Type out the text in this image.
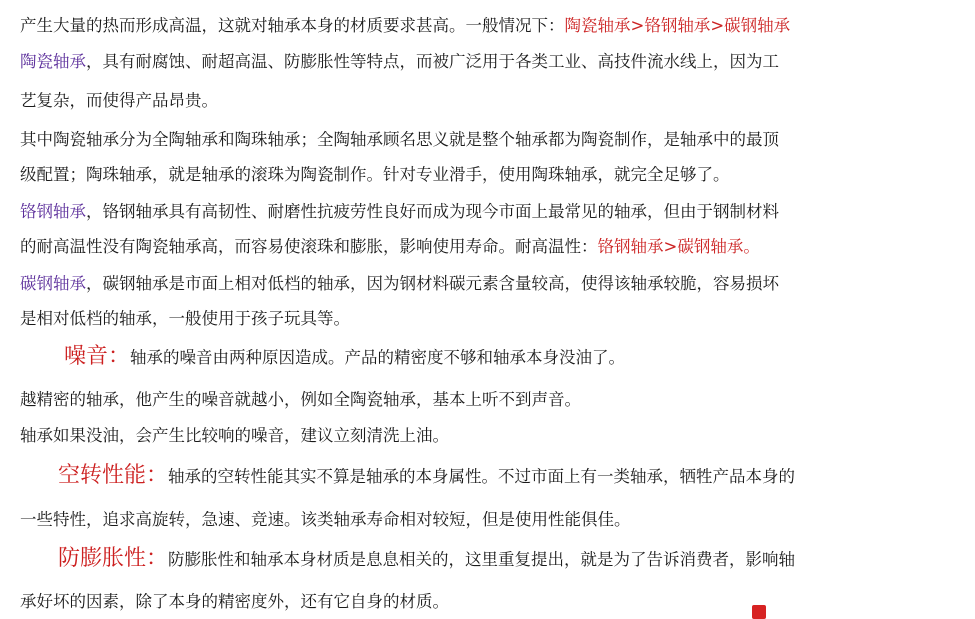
产生大量的热而形成高温，这就对轴承本身的材质要求甚高。一般情况下：陶瓷轴承>铬钢轴承>碳钢轴承
陶瓷轴承，具有耐腐蚀、耐超高温、防膨胀性等特点，而被广泛用于各类工业、高技件流水线上，因为工
艺复杂，而使得产品昂贵。
其中陶瓷轴承分为全陶轴承和陶珠轴承；全陶轴承顾名思义就是整个轴承都为陶瓷制作，是轴承中的最顶
级配置；陶珠轴承，就是轴承的滚珠为陶瓷制作。针对专业滑手，使用陶珠轴承，就完全足够了。
铬钢轴承，铬钢轴承具有高韧性、耐磨性抗疲劳性良好而成为现今市面上最常见的轴承，但由于钢制材料
的耐高温性没有陶瓷轴承高，而容易使滚珠和膨胀，影响使用寿命。耐高温性：铬钢轴承>碳钢轴承。
碳钢轴承，碳钢轴承是市面上相对低档的轴承，因为钢材料碳元素含量较高，使得该轴承较脆，容易损坏
是相对低档的轴承，一般使用于孩子玩具等。
噪音：轴承的噪音由两种原因造成。产品的精密度不够和轴承本身没油了。
越精密的轴承，他产生的噪音就越小，例如全陶瓷轴承，基本上听不到声音。
轴承如果没油，会产生比较响的噪音，建议立刻清洗上油。
空转性能：轴承的空转性能其实不算是轴承的本身属性。不过市面上有一类轴承，牺牲产品本身的
一些特性，追求高旋转，急速、竞速。该类轴承寿命相对较短，但是使用性能俱佳。
防膨胀性：防膨胀性和轴承本身材质是息息相关的，这里重复提出，就是为了告诉消费者，影响轴
承好坏的因素，除了本身的精密度外，还有它自身的材质。
